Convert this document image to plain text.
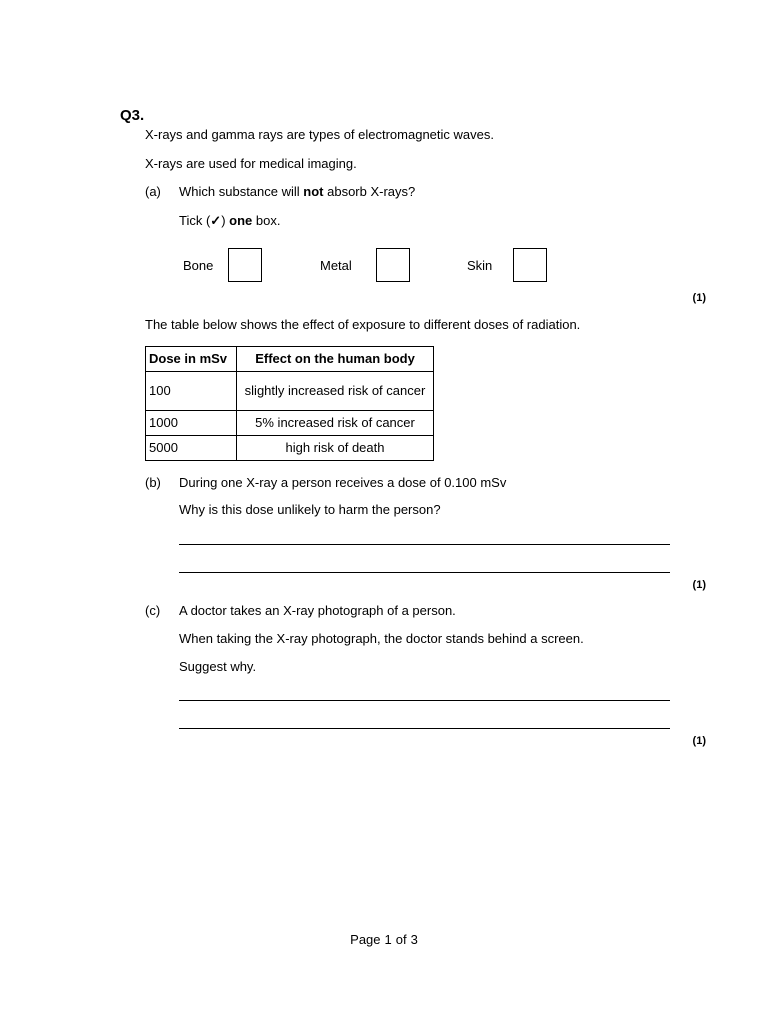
Q3.
X-rays and gamma rays are types of electromagnetic waves.
X-rays are used for medical imaging.
(a) Which substance will not absorb X-rays?
Tick (✓) one box.
Bone	Metal	Skin
(1)
The table below shows the effect of exposure to different doses of radiation.
Dose in mSv	Effect on the human body
100	slightly increased risk of cancer
1000	5% increased risk of cancer
5000	high risk of death
(b) During one X-ray a person receives a dose of 0.100 mSv
Why is this dose unlikely to harm the person?
(1)
(c) A doctor takes an X-ray photograph of a person.
When taking the X-ray photograph, the doctor stands behind a screen.
Suggest why.
(1)
Page 1 of 3
